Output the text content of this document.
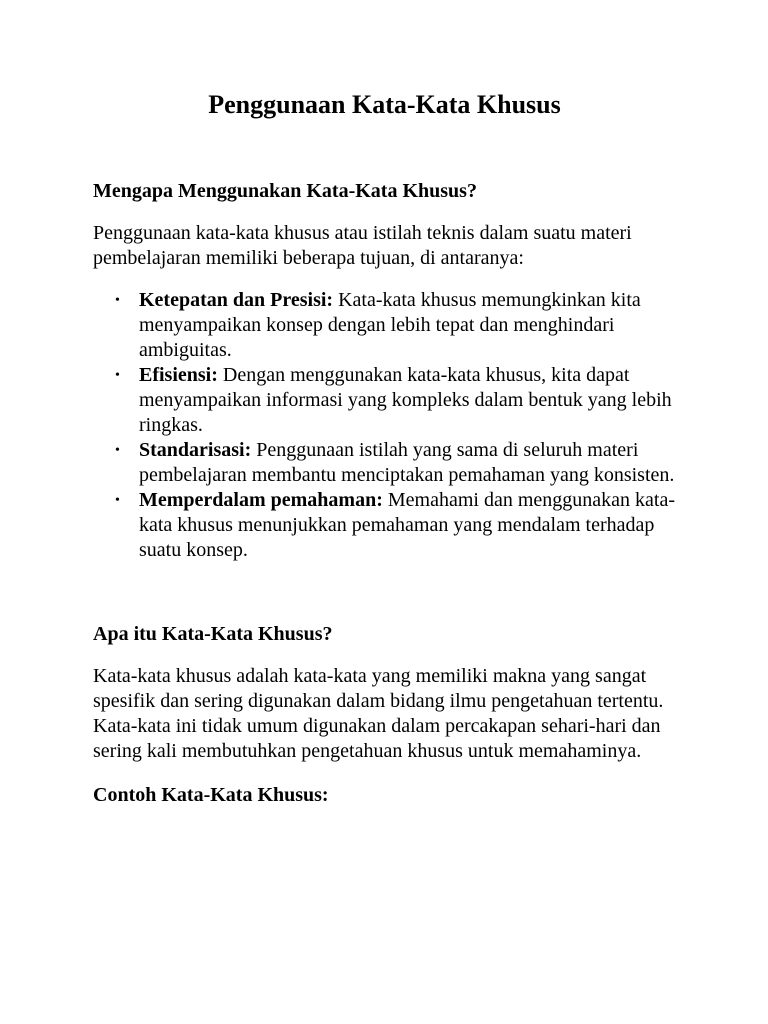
Penggunaan Kata-Kata Khusus
Mengapa Menggunakan Kata-Kata Khusus?

Penggunaan kata-kata khusus atau istilah teknis dalam suatu materi pembelajaran memiliki beberapa tujuan, di antaranya:

• Ketepatan dan Presisi: Kata-kata khusus memungkinkan kita menyampaikan konsep dengan lebih tepat dan menghindari ambiguitas.
• Efisiensi: Dengan menggunakan kata-kata khusus, kita dapat menyampaikan informasi yang kompleks dalam bentuk yang lebih ringkas.
• Standarisasi: Penggunaan istilah yang sama di seluruh materi pembelajaran membantu menciptakan pemahaman yang konsisten.
• Memperdalam pemahaman: Memahami dan menggunakan kata-kata khusus menunjukkan pemahaman yang mendalam terhadap suatu konsep.
Apa itu Kata-Kata Khusus?

Kata-kata khusus adalah kata-kata yang memiliki makna yang sangat spesifik dan sering digunakan dalam bidang ilmu pengetahuan tertentu. Kata-kata ini tidak umum digunakan dalam percakapan sehari-hari dan sering kali membutuhkan pengetahuan khusus untuk memahaminya.

Contoh Kata-Kata Khusus:
